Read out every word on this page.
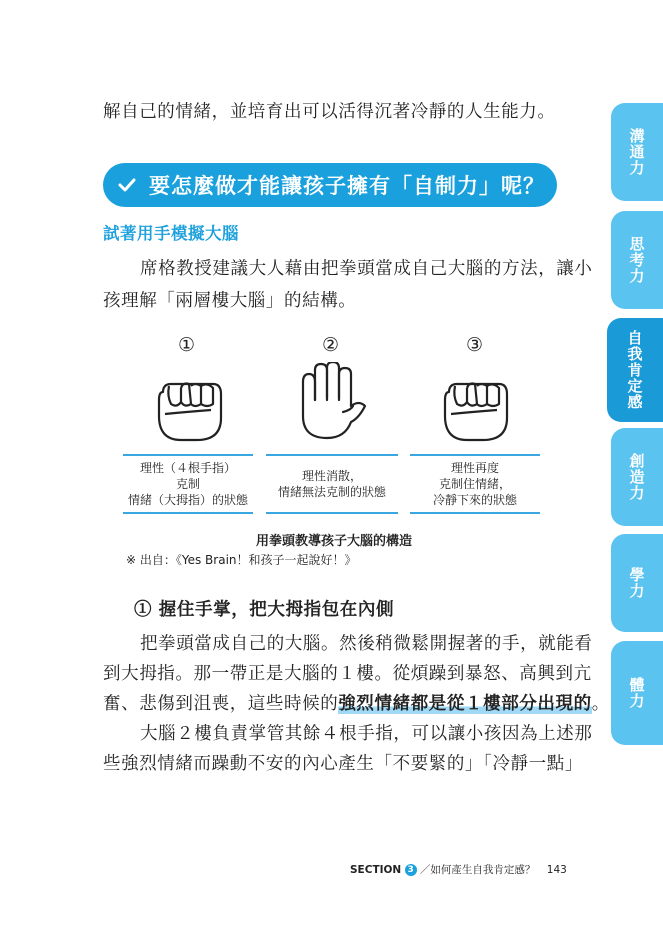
解自己的情緒，並培育出可以活得沉著冷靜的人生能力。
要怎麼做才能讓孩子擁有「自制力」呢？
試著用手模擬大腦
席格教授建議大人藉由把拳頭當成自己大腦的方法，讓小
孩理解「兩層樓大腦」的結構。
①	②	③
理性（４根手指）
克制
情緒（大拇指）的狀態
理性消散，
情緒無法克制的狀態
理性再度
克制住情緒，
冷靜下來的狀態
用拳頭教導孩子大腦的構造
※ 出自：《Yes Brain！和孩子一起說好！》
① 握住手掌，把大拇指包在內側
把拳頭當成自己的大腦。然後稍微鬆開握著的手，就能看
到大拇指。那一帶正是大腦的１樓。從煩躁到暴怒、高興到亢
奮、悲傷到沮喪，這些時候的強烈情緒都是從１樓部分出現的。
大腦２樓負責掌管其餘４根手指，可以讓小孩因為上述那
些強烈情緒而躁動不安的內心產生「不要緊的」「冷靜一點」
溝通力
思考力
自我肯定感
創造力
學力
體力
SECTION 3 ／如何產生自我肯定感？ 143
